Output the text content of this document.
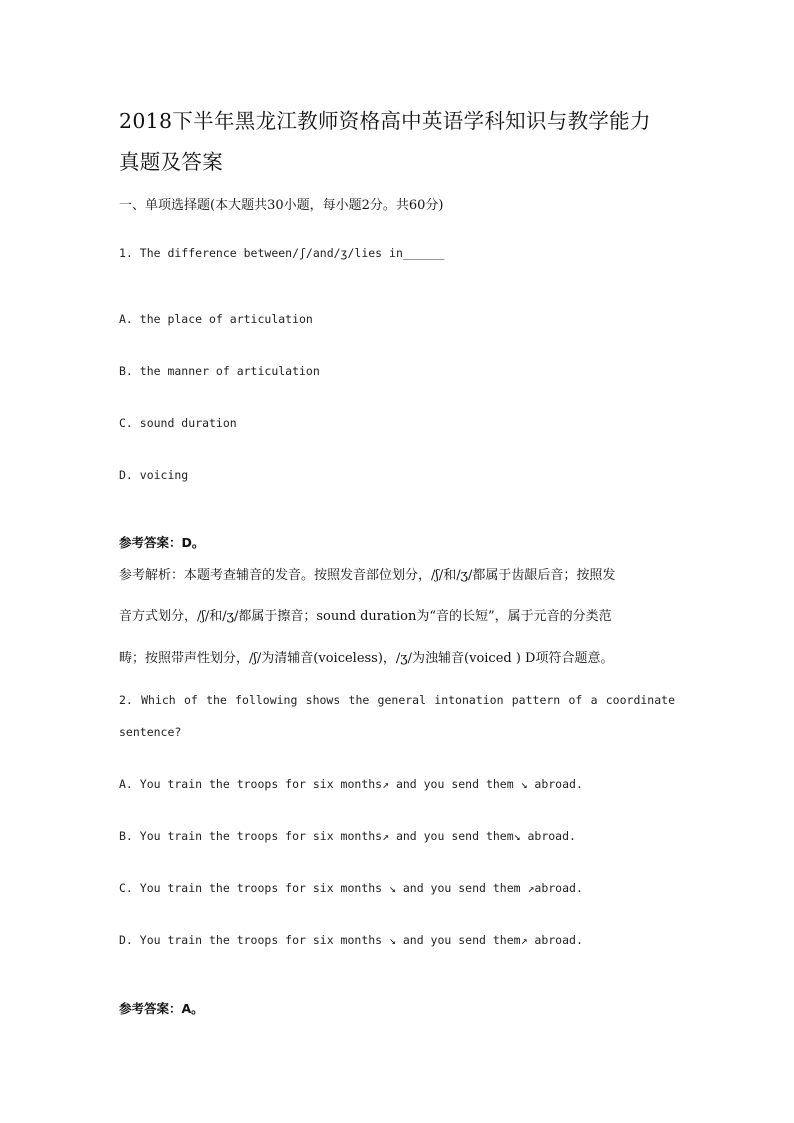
2018下半年黑龙江教师资格高中英语学科知识与教学能力
真题及答案
一、单项选择题(本大题共30小题，每小题2分。共60分)
1. The difference between/ʃ/and/ʒ/lies in______
A. the place of articulation
B. the manner of articulation
C. sound duration
D. voicing
参考答案：D。
参考解析：本题考查辅音的发音。按照发音部位划分，/ʃ/和/ʒ/都属于齿龈后音；按照发
音方式划分，/ʃ/和/ʒ/都属于擦音；sound duration为“音的长短”，属于元音的分类范
畴；按照带声性划分，/ʃ/为清辅音(voiceless)，/ʒ/为浊辅音(voiced ) D项符合题意。
2. Which of the following shows the general intonation pattern of a coordinate sentence?
A. You train the troops for six months↗ and you send them ↘ abroad.
B. You train the troops for six months↗ and you send them↘ abroad.
C. You train the troops for six months ↘ and you send them ↗abroad.
D. You train the troops for six months ↘ and you send them↗ abroad.
参考答案：A。
